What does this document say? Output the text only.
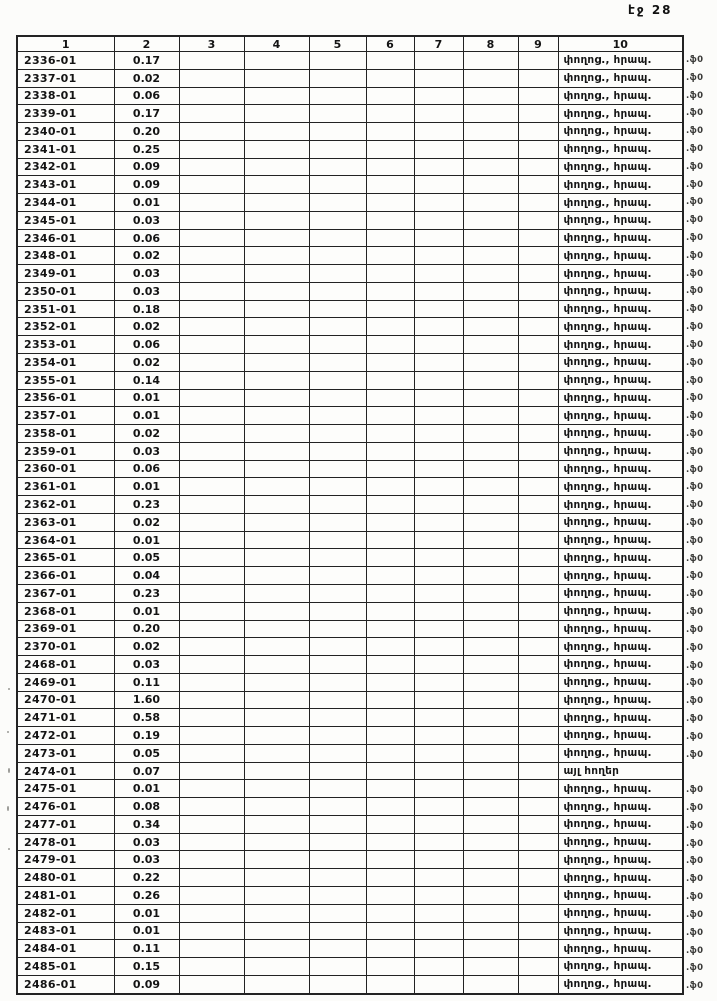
էջ 28
1	2	3	4	5	6	7	8	9	10
2336-01	0.17								փողոց., հրապ.
2337-01	0.02								փողոց., հրապ.
2338-01	0.06								փողոց., հրապ.
2339-01	0.17								փողոց., հրապ.
2340-01	0.20								փողոց., հրապ.
2341-01	0.25								փողոց., հրապ.
2342-01	0.09								փողոց., հրապ.
2343-01	0.09								փողոց., հրապ.
2344-01	0.01								փողոց., հրապ.
2345-01	0.03								փողոց., հրապ.
2346-01	0.06								փողոց., հրապ.
2348-01	0.02								փողոց., հրապ.
2349-01	0.03								փողոց., հրապ.
2350-01	0.03								փողոց., հրապ.
2351-01	0.18								փողոց., հրապ.
2352-01	0.02								փողոց., հրապ.
2353-01	0.06								փողոց., հրապ.
2354-01	0.02								փողոց., հրապ.
2355-01	0.14								փողոց., հրապ.
2356-01	0.01								փողոց., հրապ.
2357-01	0.01								փողոց., հրապ.
2358-01	0.02								փողոց., հրապ.
2359-01	0.03								փողոց., հրապ.
2360-01	0.06								փողոց., հրապ.
2361-01	0.01								փողոց., հրապ.
2362-01	0.23								փողոց., հրապ.
2363-01	0.02								փողոց., հրապ.
2364-01	0.01								փողոց., հրապ.
2365-01	0.05								փողոց., հրապ.
2366-01	0.04								փողոց., հրապ.
2367-01	0.23								փողոց., հրապ.
2368-01	0.01								փողոց., հրապ.
2369-01	0.20								փողոց., հրապ.
2370-01	0.02								փողոց., հրապ.
2468-01	0.03								փողոց., հրապ.
2469-01	0.11								փողոց., հրապ.
2470-01	1.60								փողոց., հրապ.
2471-01	0.58								փողոց., հրապ.
2472-01	0.19								փողոց., հրապ.
2473-01	0.05								փողոց., հրապ.
2474-01	0.07								այլ հողեր
2475-01	0.01								փողոց., հրապ.
2476-01	0.08								փողոց., հրապ.
2477-01	0.34								փողոց., հրապ.
2478-01	0.03								փողոց., հրապ.
2479-01	0.03								փողոց., հրապ.
2480-01	0.22								փողոց., հրապ.
2481-01	0.26								փողոց., հրապ.
2482-01	0.01								փողոց., հրապ.
2483-01	0.01								փողոց., հրապ.
2484-01	0.11								փողոց., հրապ.
2485-01	0.15								փողոց., հրապ.
2486-01	0.09								փողոց., հրապ.
.ֆ0
.ֆ0
.ֆ0
.ֆ0
.ֆ0
.ֆ0
.ֆ0
.ֆ0
.ֆ0
.ֆ0
.ֆ0
.ֆ0
.ֆ0
.ֆ0
.ֆ0
.ֆ0
.ֆ0
.ֆ0
.ֆ0
.ֆ0
.ֆ0
.ֆ0
.ֆ0
.ֆ0
.ֆ0
.ֆ0
.ֆ0
.ֆ0
.ֆ0
.ֆ0
.ֆ0
.ֆ0
.ֆ0
.ֆ0
.ֆ0
.ֆ0
.ֆ0
.ֆ0
.ֆ0
.ֆ0
.ֆ0
.ֆ0
.ֆ0
.ֆ0
.ֆ0
.ֆ0
.ֆ0
.ֆ0
.ֆ0
.ֆ0
.ֆ0
.ֆ0
